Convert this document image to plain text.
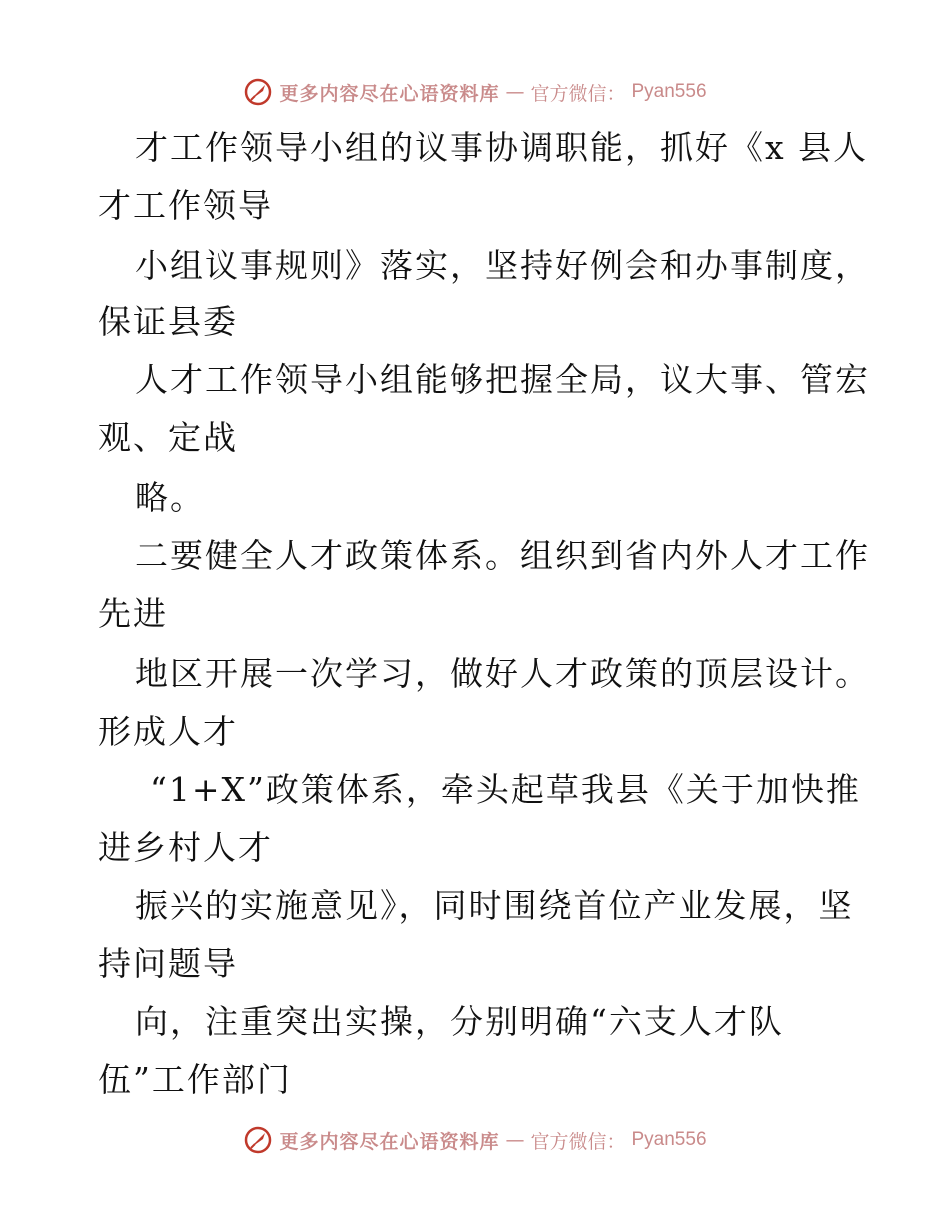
更多内容尽在心语资料库 — 官方微信： Pyan556
才工作领导小组的议事协调职能，抓好《x 县人
才工作领导
小组议事规则》落实，坚持好例会和办事制度，
保证县委
人才工作领导小组能够把握全局，议大事、管宏
观、定战
略。
二要健全人才政策体系。组织到省内外人才工作
先进
地区开展一次学习，做好人才政策的顶层设计。
形成人才
“1+X”政策体系，牵头起草我县《关于加快推
进乡村人才
振兴的实施意见》，同时围绕首位产业发展，坚
持问题导
向，注重突出实操，分别明确“六支人才队
伍”工作部门
更多内容尽在心语资料库 — 官方微信： Pyan556
